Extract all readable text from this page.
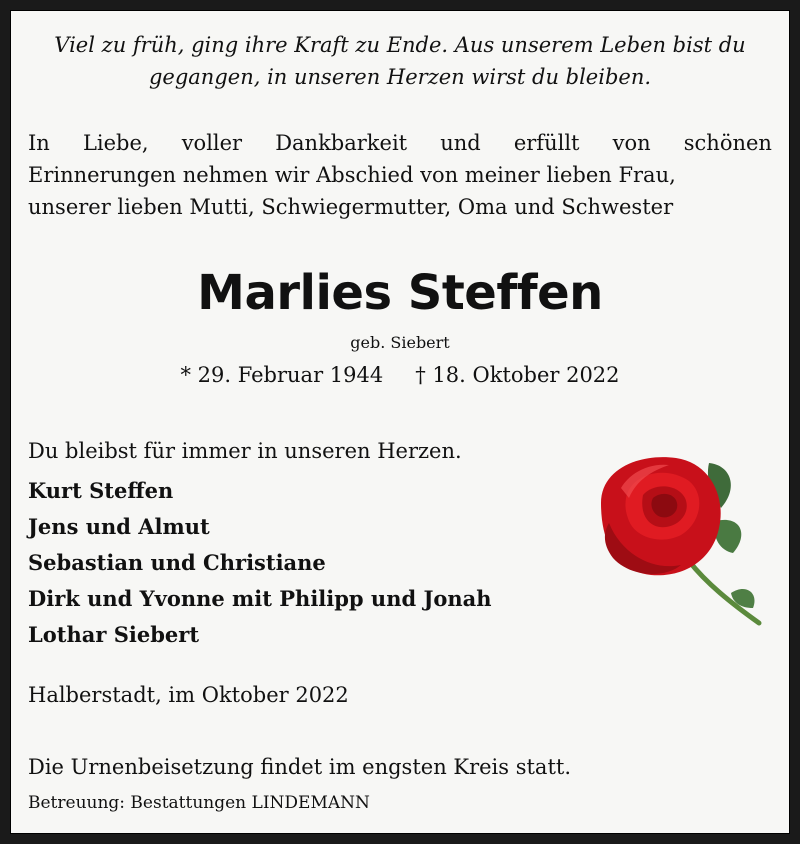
Viel zu früh, ging ihre Kraft zu Ende. Aus unserem Leben bist du
gegangen, in unseren Herzen wirst du bleiben.
In Liebe, voller Dankbarkeit und erfüllt von schönen
Erinnerungen nehmen wir Abschied von meiner lieben Frau,
unserer lieben Mutti, Schwiegermutter, Oma und Schwester
Marlies Steffen
geb. Siebert
* 29. Februar 1944 † 18. Oktober 2022
Du bleibst für immer in unseren Herzen.
Kurt Steffen
Jens und Almut
Sebastian und Christiane
Dirk und Yvonne mit Philipp und Jonah
Lothar Siebert
Halberstadt, im Oktober 2022
Die Urnenbeisetzung findet im engsten Kreis statt.
Betreuung: Bestattungen LINDEMANN
